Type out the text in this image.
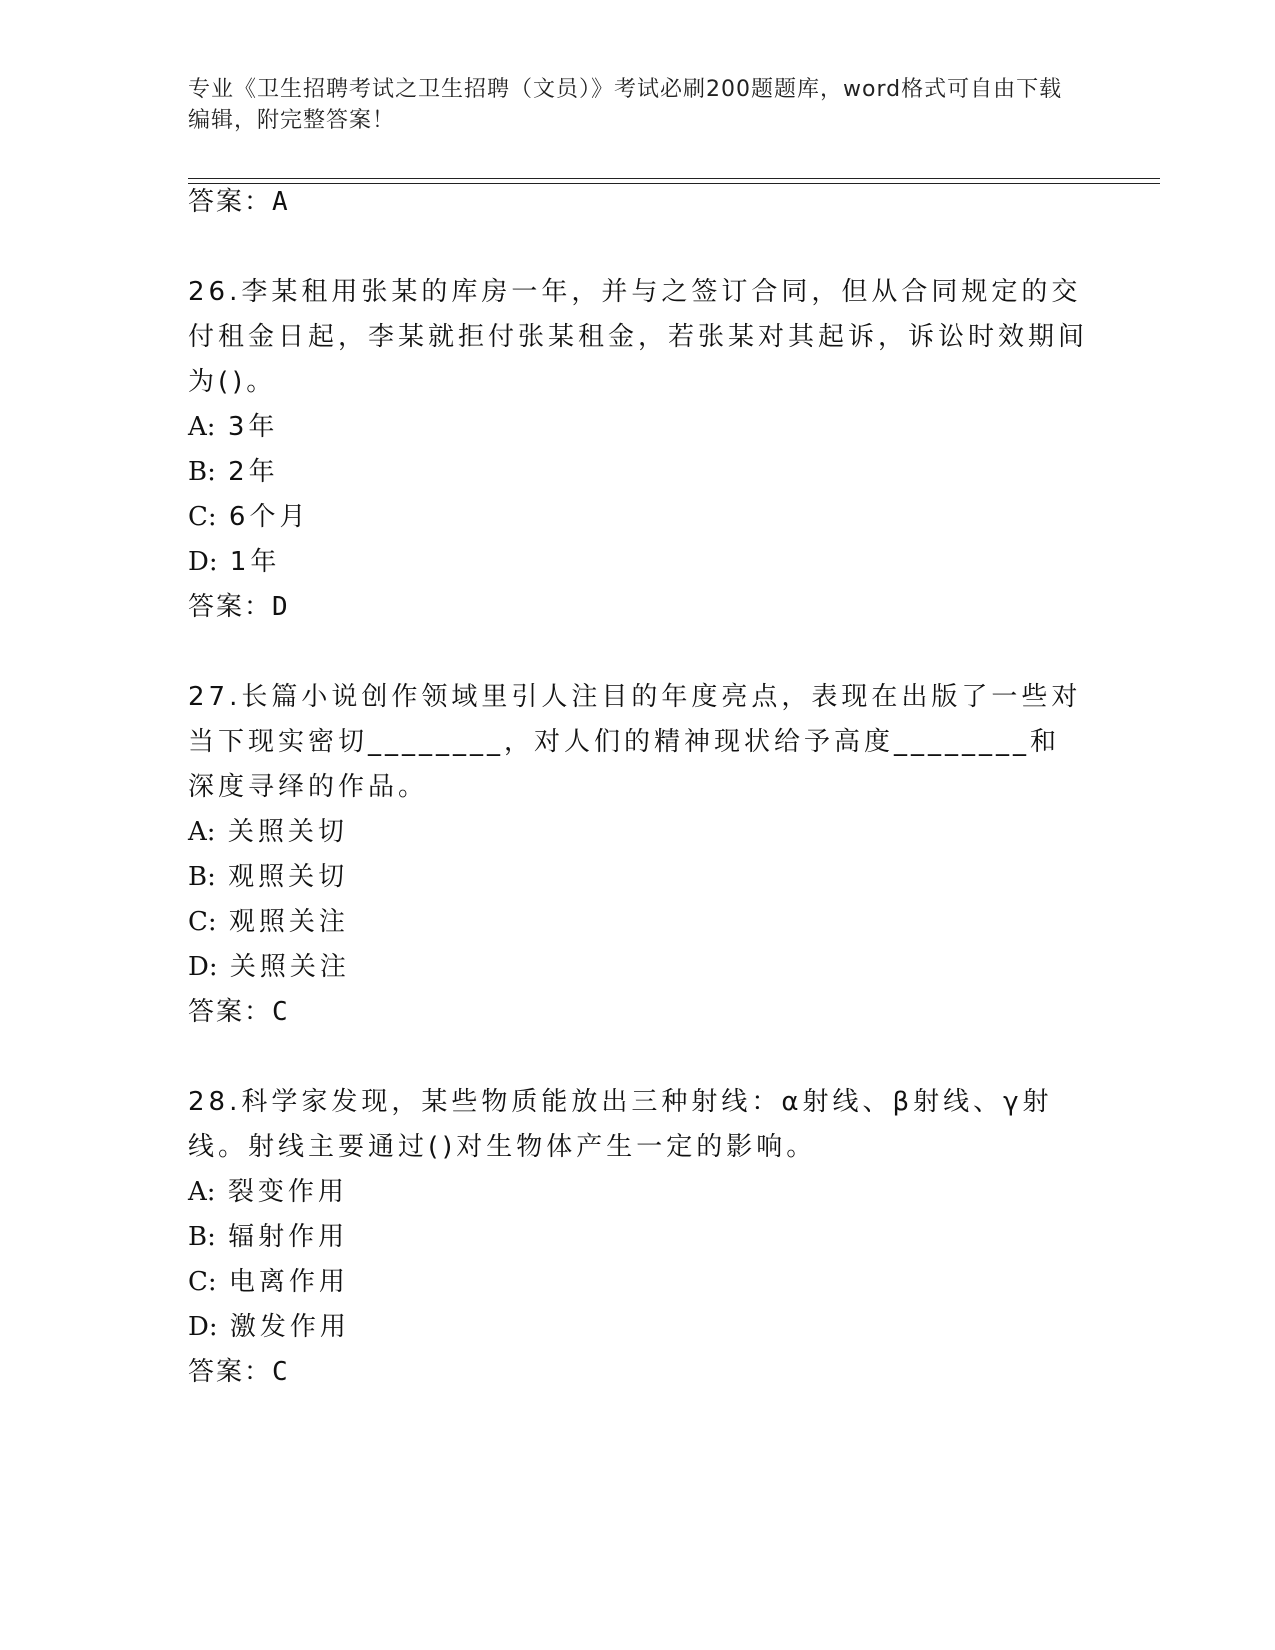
专业《卫生招聘考试之卫生招聘（文员）》考试必刷200题题库，word格式可自由下载编辑，附完整答案！
答案：A

26.李某租用张某的库房一年，并与之签订合同，但从合同规定的交付租金日起，李某就拒付张某租金，若张某对其起诉，诉讼时效期间为()。

A: 3年
B: 2年
C: 6个月
D: 1年
答案：D

27.长篇小说创作领域里引人注目的年度亮点，表现在出版了一些对当下现实密切________，对人们的精神现状给予高度________和深度寻绎的作品。

A: 关照关切
B: 观照关切
C: 观照关注
D: 关照关注
答案：C

28.科学家发现，某些物质能放出三种射线：α射线、β射线、γ射线。射线主要通过()对生物体产生一定的影响。

A: 裂变作用
B: 辐射作用
C: 电离作用
D: 激发作用
答案：C
